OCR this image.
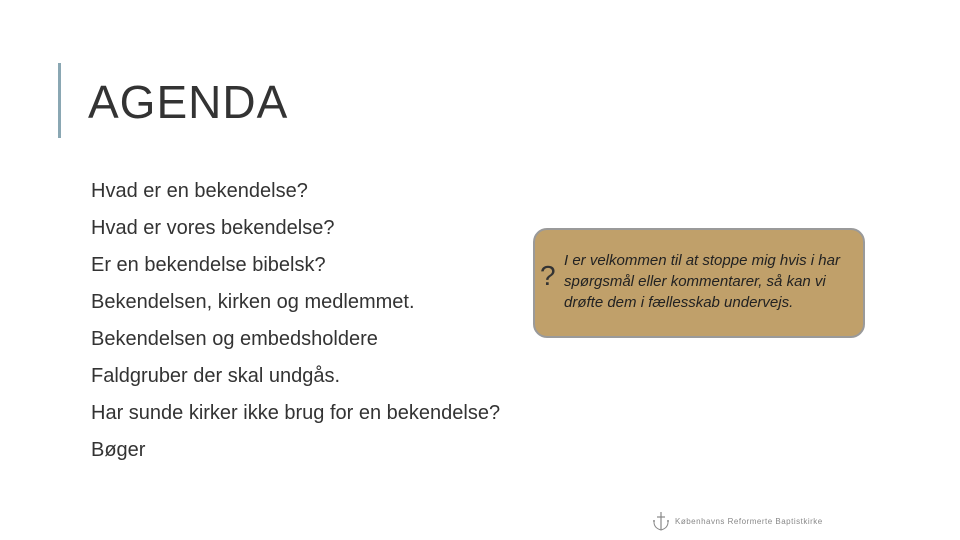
AGENDA
Hvad er en bekendelse?
Hvad er vores bekendelse?
Er en bekendelse bibelsk?
Bekendelsen, kirken og medlemmet.
Bekendelsen og embedsholdere
Faldgruber der skal undgås.
Har sunde kirker ikke brug for en bekendelse?
Bøger
? I er velkommen til at stoppe mig hvis i har spørgsmål eller kommentarer, så kan vi drøfte dem i fællesskab undervejs.

Københavns Reformerte Baptistkirke
